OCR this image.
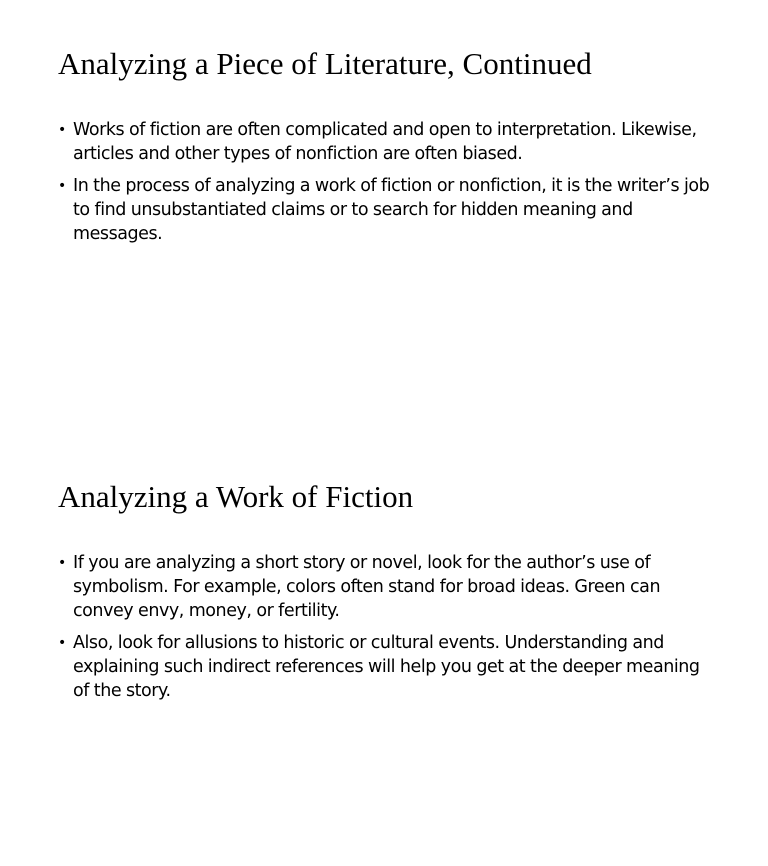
Analyzing a Piece of Literature, Continued
• Works of fiction are often complicated and open to interpretation. Likewise, articles and other types of nonfiction are often biased.
• In the process of analyzing a work of fiction or nonfiction, it is the writer’s job to find unsubstantiated claims or to search for hidden meaning and messages.
Analyzing a Work of Fiction
• If you are analyzing a short story or novel, look for the author’s use of symbolism. For example, colors often stand for broad ideas. Green can convey envy, money, or fertility.
• Also, look for allusions to historic or cultural events. Understanding and explaining such indirect references will help you get at the deeper meaning of the story.
